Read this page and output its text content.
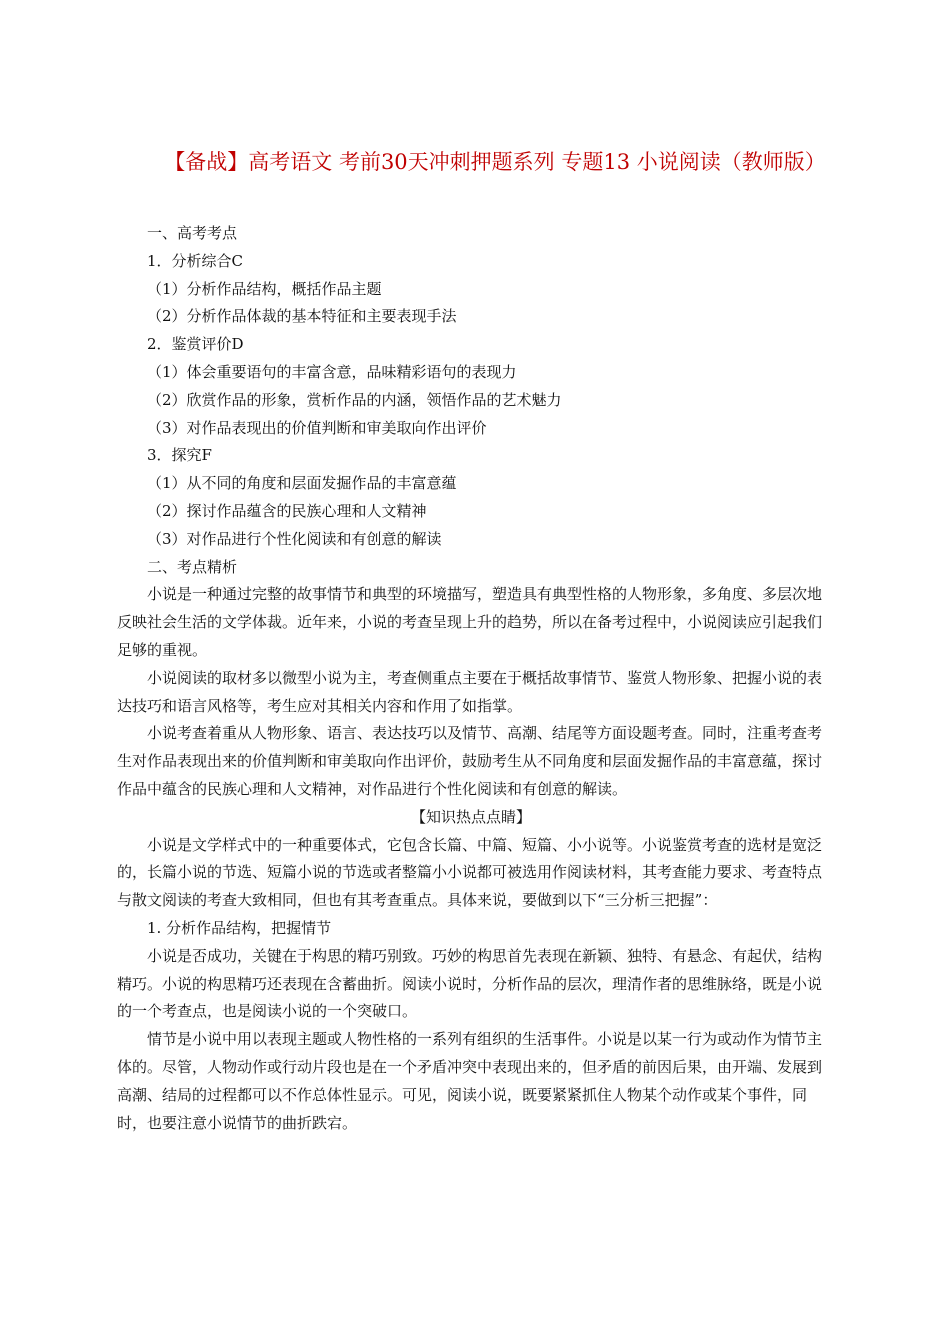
【备战】高考语文 考前30天冲刺押题系列 专题13 小说阅读（教师版）

一、高考考点

1．分析综合C

（1）分析作品结构，概括作品主题

（2）分析作品体裁的基本特征和主要表现手法

2．鉴赏评价D

（1）体会重要语句的丰富含意，品味精彩语句的表现力

（2）欣赏作品的形象，赏析作品的内涵，领悟作品的艺术魅力

（3）对作品表现出的价值判断和审美取向作出评价

3．探究F

（1）从不同的角度和层面发掘作品的丰富意蕴

（2）探讨作品蕴含的民族心理和人文精神

（3）对作品进行个性化阅读和有创意的解读

二、考点精析

小说是一种通过完整的故事情节和典型的环境描写，塑造具有典型性格的人物形象，多角度、多层次地反映社会生活的文学体裁。近年来，小说的考查呈现上升的趋势，所以在备考过程中，小说阅读应引起我们足够的重视。

小说阅读的取材多以微型小说为主，考查侧重点主要在于概括故事情节、鉴赏人物形象、把握小说的表达技巧和语言风格等，考生应对其相关内容和作用了如指掌。

小说考查着重从人物形象、语言、表达技巧以及情节、高潮、结尾等方面设题考查。同时，注重考查考生对作品表现出来的价值判断和审美取向作出评价，鼓励考生从不同角度和层面发掘作品的丰富意蕴，探讨作品中蕴含的民族心理和人文精神，对作品进行个性化阅读和有创意的解读。

【知识热点点睛】

小说是文学样式中的一种重要体式，它包含长篇、中篇、短篇、小小说等。小说鉴赏考查的选材是宽泛的，长篇小说的节选、短篇小说的节选或者整篇小小说都可被选用作阅读材料，其考查能力要求、考查特点与散文阅读的考查大致相同，但也有其考查重点。具体来说，要做到以下“三分析三把握”：

1. 分析作品结构，把握情节

小说是否成功，关键在于构思的精巧别致。巧妙的构思首先表现在新颖、独特、有悬念、有起伏，结构精巧。小说的构思精巧还表现在含蓄曲折。阅读小说时，分析作品的层次，理清作者的思维脉络，既是小说的一个考查点，也是阅读小说的一个突破口。

情节是小说中用以表现主题或人物性格的一系列有组织的生活事件。小说是以某一行为或动作为情节主体的。尽管，人物动作或行动片段也是在一个矛盾冲突中表现出来的，但矛盾的前因后果，由开端、发展到高潮、结局的过程都可以不作总体性显示。可见，阅读小说，既要紧紧抓住人物某个动作或某个事件，同时，也要注意小说情节的曲折跌宕。
